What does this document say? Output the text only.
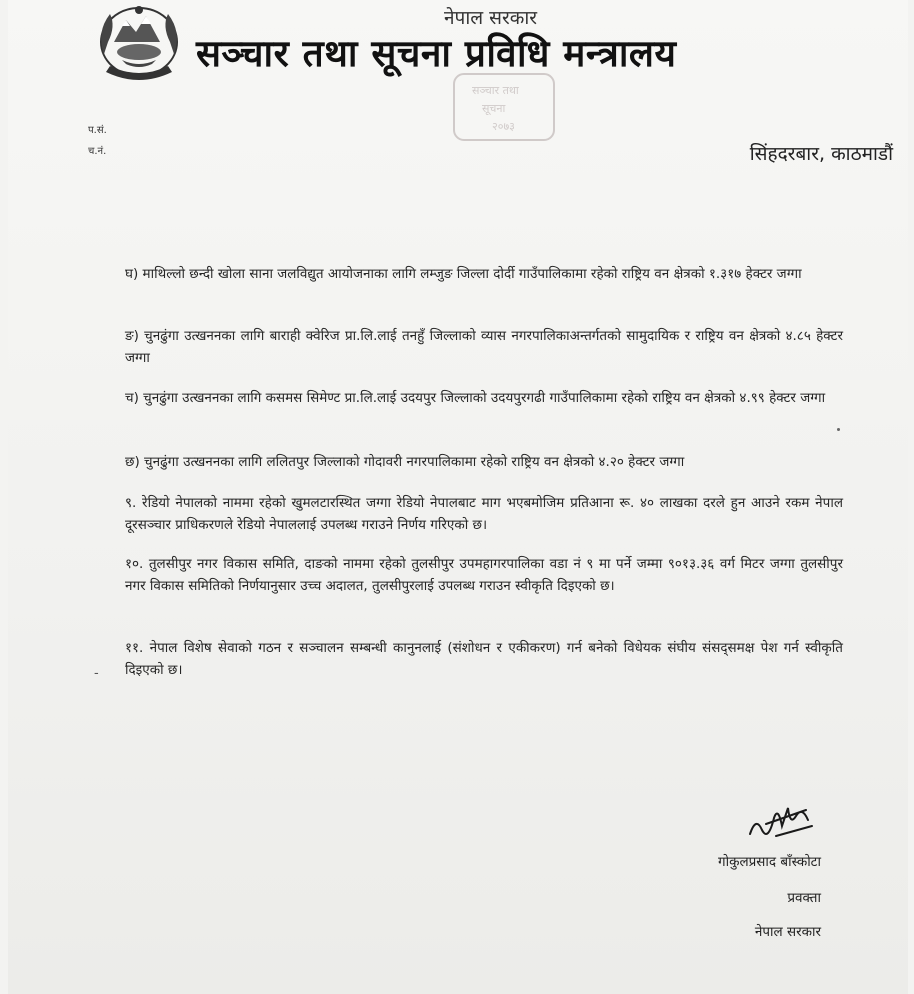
नेपाल सरकार
सञ्चार तथा सूचना प्रविधि मन्त्रालय
सञ्चार तथा
सूचना
२०७३
प.सं.
च.नं.	सिंहदरबार, काठमाडौं
घ) माथिल्लो छन्दी खोला साना जलविद्युत आयोजनाका लागि लम्जुङ जिल्ला दोर्दी गाउँपालिकामा रहेको राष्ट्रिय वन क्षेत्रको १.३१७ हेक्टर जग्गा
ङ) चुनढुंगा उत्खननका लागि बाराही क्वेरिज प्रा.लि.लाई तनहुँ जिल्लाको व्यास नगरपालिकाअन्तर्गतको सामुदायिक र राष्ट्रिय वन क्षेत्रको ४.८५ हेक्टर जग्गा
च) चुनढुंगा उत्खननका लागि कसमस सिमेण्ट प्रा.लि.लाई उदयपुर जिल्लाको उदयपुरगढी गाउँपालिकामा रहेको राष्ट्रिय वन क्षेत्रको ४.९९ हेक्टर जग्गा
छ) चुनढुंगा उत्खननका लागि ललितपुर जिल्लाको गोदावरी नगरपालिकामा रहेको राष्ट्रिय वन क्षेत्रको ४.२० हेक्टर जग्गा
९. रेडियो नेपालको नाममा रहेको खुमलटारस्थित जग्गा रेडियो नेपालबाट माग भएबमोजिम प्रतिआना रू. ४० लाखका दरले हुन आउने रकम नेपाल दूरसञ्चार प्राधिकरणले रेडियो नेपाललाई उपलब्ध गराउने निर्णय गरिएको छ।
१०. तुलसीपुर नगर विकास समिति, दाङको नाममा रहेको तुलसीपुर उपमहागरपालिका वडा नं ९ मा पर्ने जम्मा ९०१३.३६ वर्ग मिटर जग्गा तुलसीपुर नगर विकास समितिको निर्णयानुसार उच्च अदालत, तुलसीपुरलाई उपलब्ध गराउन स्वीकृति दिइएको छ।
११. नेपाल विशेष सेवाको गठन र सञ्चालन सम्बन्धी कानुनलाई (संशोधन र एकीकरण) गर्न बनेको विधेयक संघीय संसद्समक्ष पेश गर्न स्वीकृति दिइएको छ।
-
गोकुलप्रसाद बाँस्कोटा
प्रवक्ता
नेपाल सरकार
